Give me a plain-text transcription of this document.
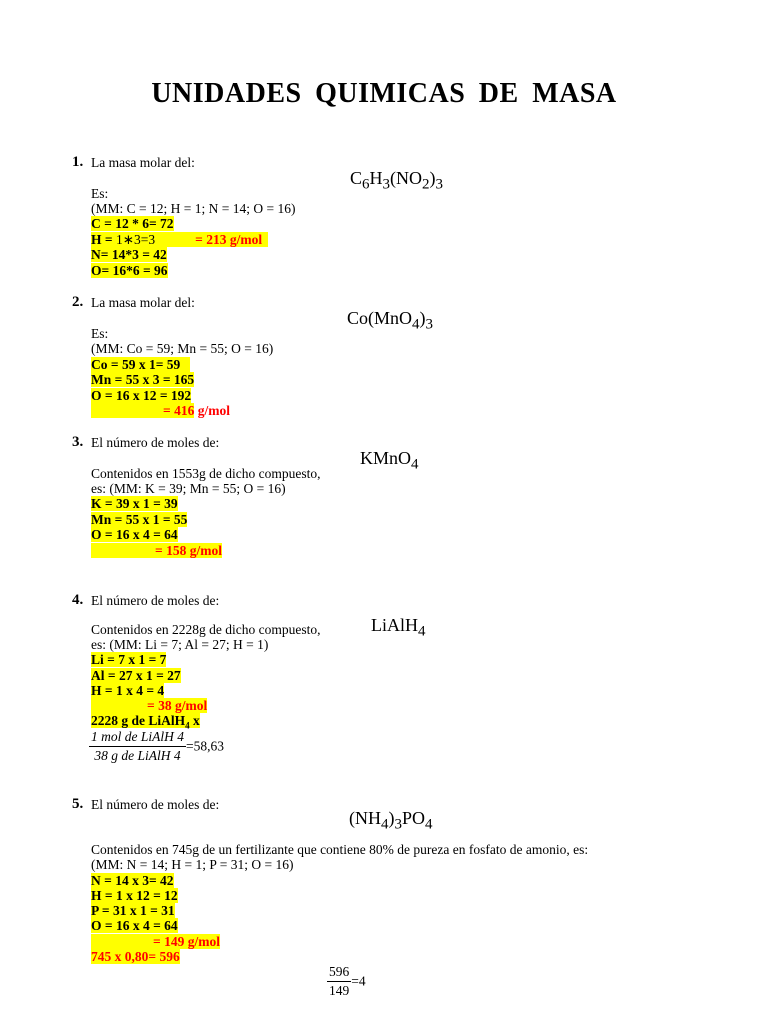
UNIDADES QUIMICAS DE MASA
1. La masa molar del:
$C_6H_3(NO_2)_3$
Es:
(MM: C = 12; H = 1; N = 14; O = 16)
C = 12 * 6= 72
H = 1∗3=3	= 213 g/mol
N= 14*3 = 42
O= 16*6 = 96
2. La masa molar del:
$Co(MnO_4)_3$
Es:
(MM: Co = 59; Mn = 55; O = 16)
Co = 59 x 1= 59
Mn = 55 x 3 = 165
O = 16 x 12 = 192
= 416 g/mol
3. El número de moles de:
KMnO$_4$
Contenidos en 1553g de dicho compuesto,
es: (MM: K = 39; Mn = 55; O = 16)
K = 39 x 1 = 39
Mn = 55 x 1 = 55
O = 16 x 4 = 64
= 158 g/mol
4. El número de moles de:
LiAlH$_4$
Contenidos en 2228g de dicho compuesto,
es: (MM: Li = 7; Al = 27; H = 1)
Li = 7 x 1 = 7
Al = 27 x 1 = 27
H = 1 x 4 = 4
= 38 g/mol
2228 g de LiAlH$_4$ x
$\frac{\text{1 mol de LiAlH 4}}{\text{38 g de LiAlH 4}} =58,63$
5. El número de moles de:
$(NH_4)_3PO_4$
Contenidos en 745g de un fertilizante que contiene 80% de pureza en fosfato de amonio, es:
(MM: N = 14; H = 1; P = 31; O = 16)
N = 14 x 3= 42
H = 1 x 12 = 12
P = 31 x 1 = 31
O = 16 x 4 = 64
= 149 g/mol
745 x 0,80= 596
$\frac{596}{149} =4$
